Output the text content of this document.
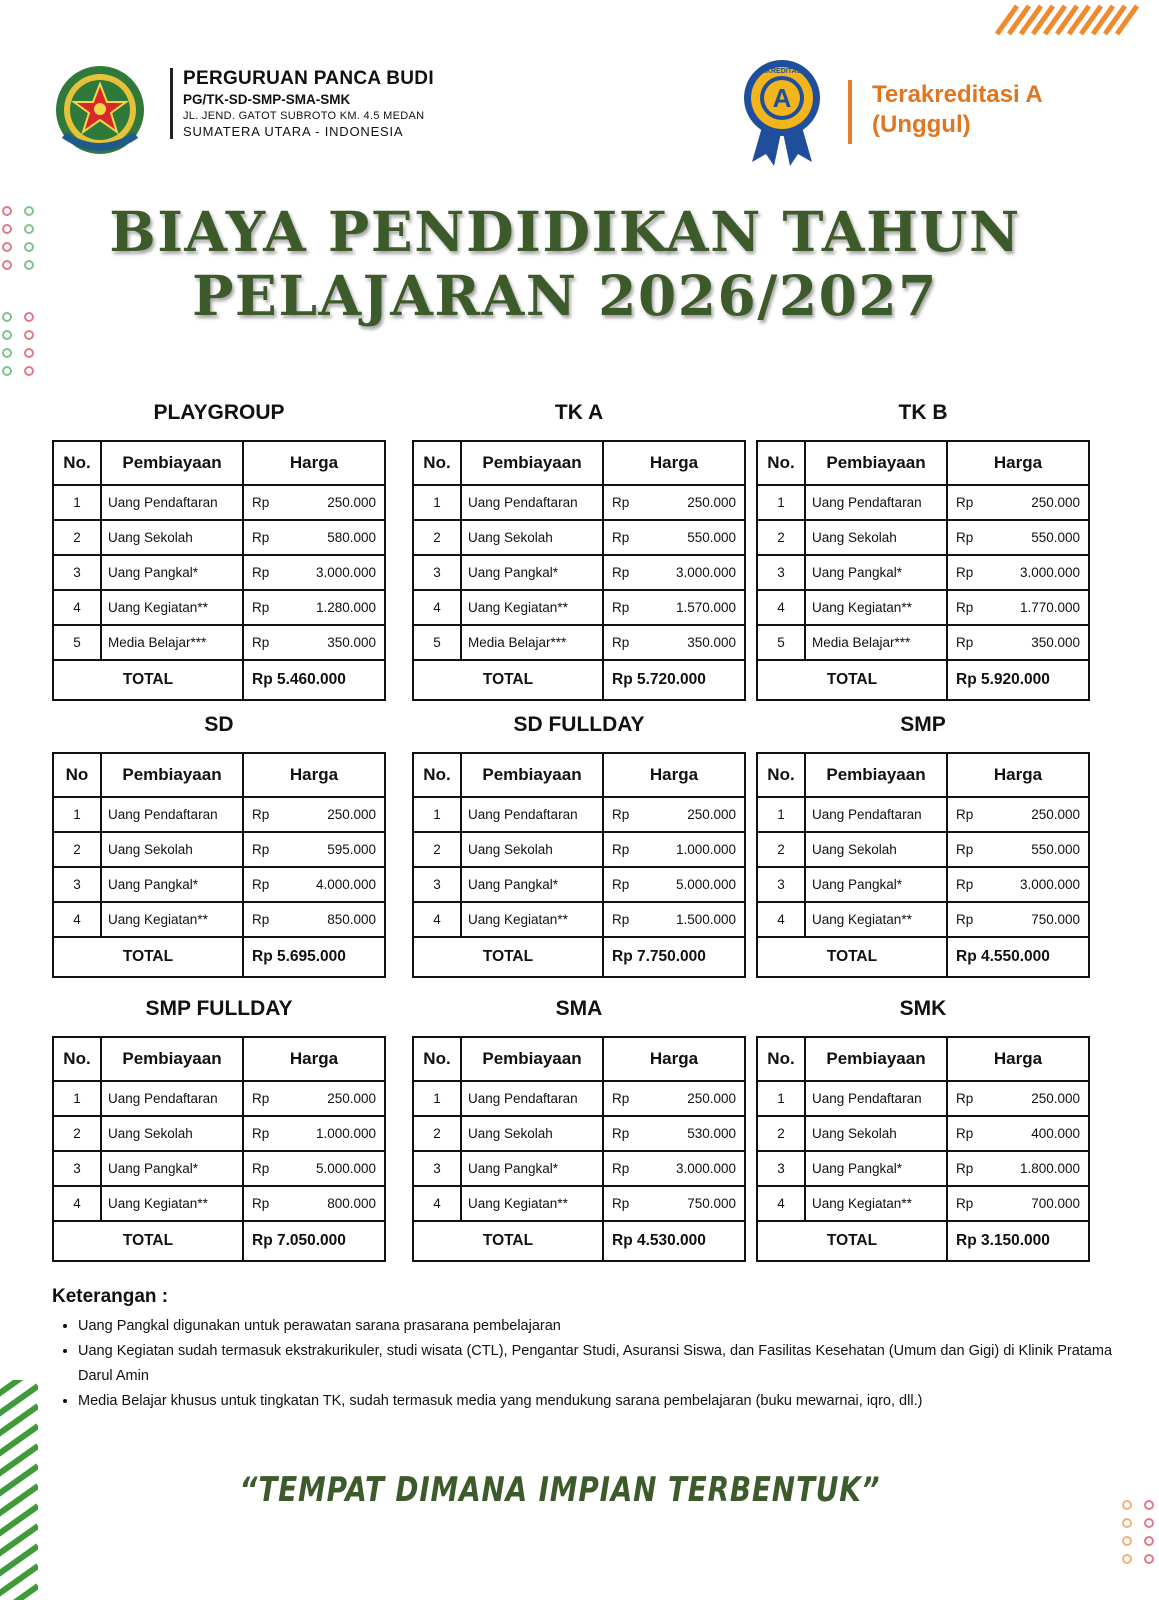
PERGURUAN PANCA BUDI
PG/TK-SD-SMP-SMA-SMK
JL. JEND. GATOT SUBROTO KM. 4.5 MEDAN
SUMATERA UTARA - INDONESIA
A
AKREDITASI
Terakreditasi A
(Unggul)
BIAYA PENDIDIKAN TAHUN
PELAJARAN 2026/2027
PLAYGROUP
No.	Pembiayaan	Harga
1	Uang Pendaftaran	Rp 250.000

2	Uang Sekolah	Rp 580.000

3	Uang Pangkal*	Rp 3.000.000

4	Uang Kegiatan**	Rp 1.280.000

5	Media Belajar***	Rp 350.000

TOTAL		Rp 5.460.000
TK A
No.	Pembiayaan	Harga
1	Uang Pendaftaran	Rp 250.000

2	Uang Sekolah	Rp 550.000

3	Uang Pangkal*	Rp 3.000.000

4	Uang Kegiatan**	Rp 1.570.000

5	Media Belajar***	Rp 350.000

TOTAL		Rp 5.720.000
TK B
No.	Pembiayaan	Harga
1	Uang Pendaftaran	Rp 250.000

2	Uang Sekolah	Rp 550.000

3	Uang Pangkal*	Rp 3.000.000

4	Uang Kegiatan**	Rp 1.770.000

5	Media Belajar***	Rp 350.000

TOTAL		Rp 5.920.000
SD
No	Pembiayaan	Harga
1	Uang Pendaftaran	Rp 250.000

2	Uang Sekolah	Rp 595.000

3	Uang Pangkal*	Rp 4.000.000

4	Uang Kegiatan**	Rp 850.000

TOTAL		Rp 5.695.000
SD FULLDAY
No.	Pembiayaan	Harga
1	Uang Pendaftaran	Rp 250.000

2	Uang Sekolah	Rp 1.000.000

3	Uang Pangkal*	Rp 5.000.000

4	Uang Kegiatan**	Rp 1.500.000

TOTAL		Rp 7.750.000
SMP
No.	Pembiayaan	Harga
1	Uang Pendaftaran	Rp 250.000

2	Uang Sekolah	Rp 550.000

3	Uang Pangkal*	Rp 3.000.000

4	Uang Kegiatan**	Rp 750.000

TOTAL		Rp 4.550.000
SMP FULLDAY
No.	Pembiayaan	Harga
1	Uang Pendaftaran	Rp 250.000

2	Uang Sekolah	Rp 1.000.000

3	Uang Pangkal*	Rp 5.000.000

4	Uang Kegiatan**	Rp 800.000

TOTAL		Rp 7.050.000
SMA
No.	Pembiayaan	Harga
1	Uang Pendaftaran	Rp 250.000

2	Uang Sekolah	Rp 530.000

3	Uang Pangkal*	Rp 3.000.000

4	Uang Kegiatan**	Rp 750.000

TOTAL		Rp 4.530.000
SMK
No.	Pembiayaan	Harga
1	Uang Pendaftaran	Rp 250.000

2	Uang Sekolah	Rp 400.000

3	Uang Pangkal*	Rp 1.800.000

4	Uang Kegiatan**	Rp 700.000

TOTAL		Rp 3.150.000
Keterangan :
• Uang Pangkal digunakan untuk perawatan sarana prasarana pembelajaran
• Uang Kegiatan sudah termasuk ekstrakurikuler, studi wisata (CTL), Pengantar Studi, Asuransi Siswa, dan Fasilitas Kesehatan (Umum dan Gigi) di Klinik Pratama Darul Amin
• Media Belajar khusus untuk tingkatan TK, sudah termasuk media yang mendukung sarana pembelajaran (buku mewarnai, iqro, dll.)
“TEMPAT DIMANA IMPIAN TERBENTUK”
